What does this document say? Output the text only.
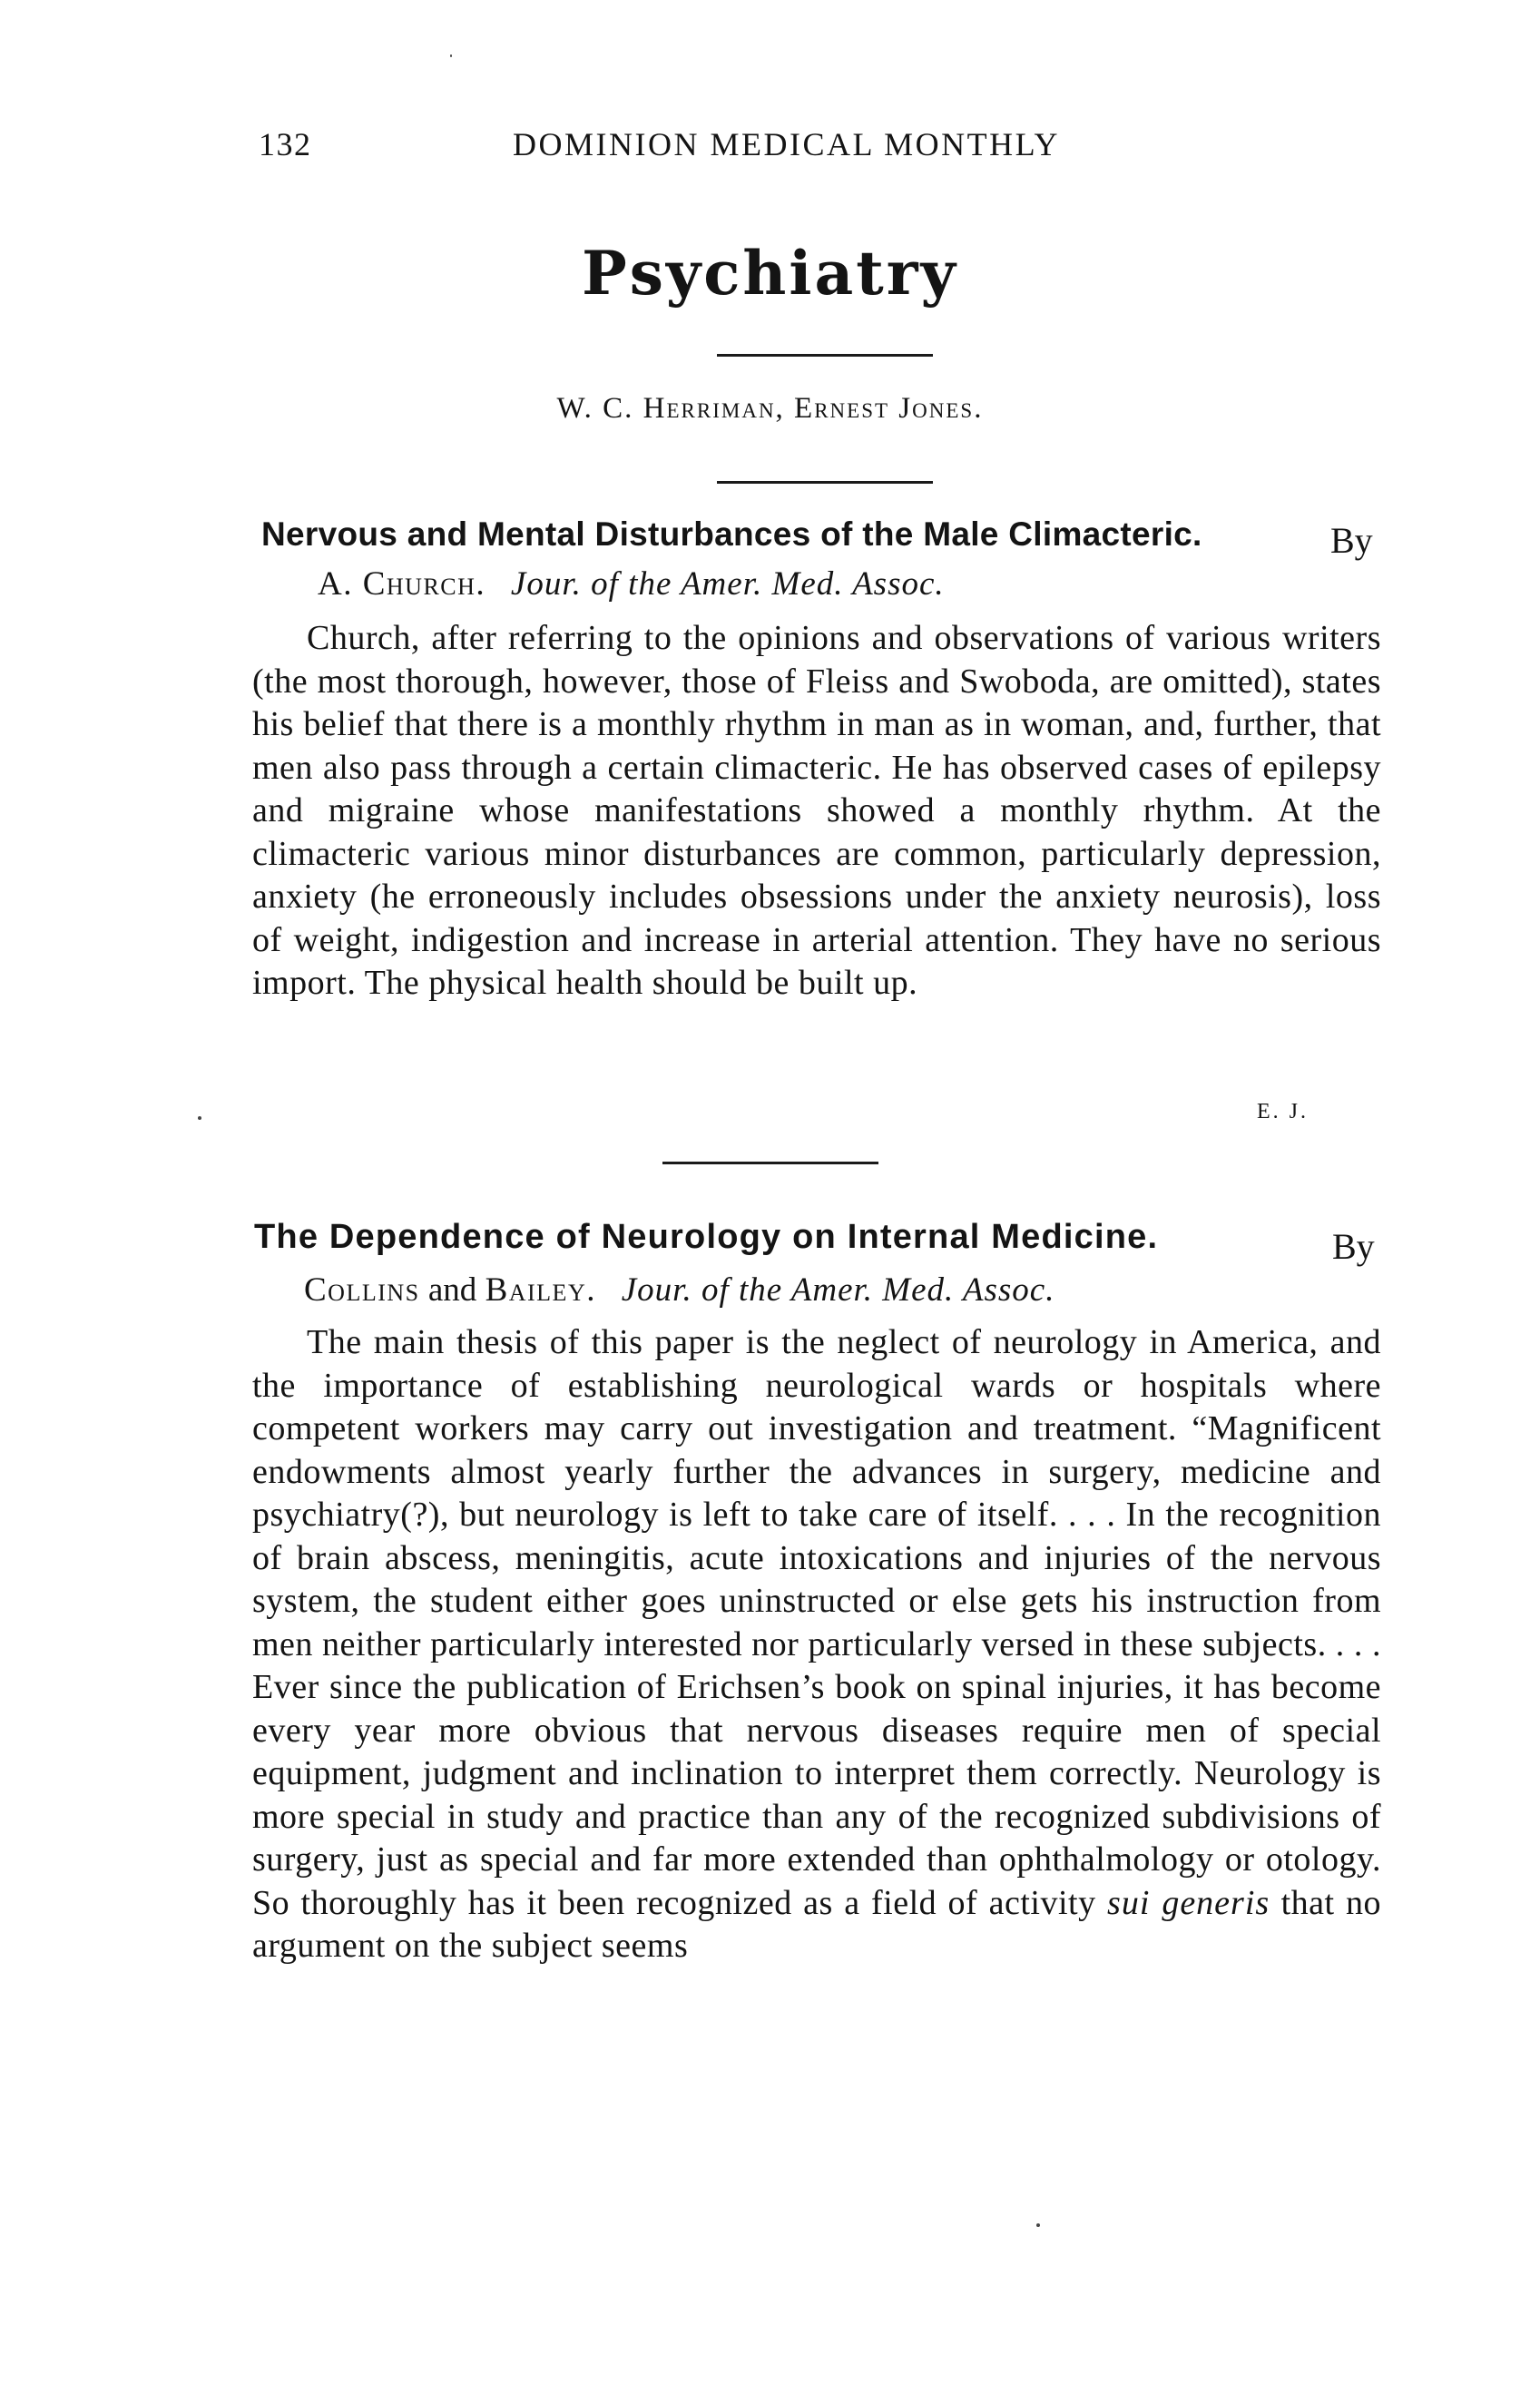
132	DOMINION MEDICAL MONTHLY
Psychiatry
W. C. Herriman, Ernest Jones.
Nervous and Mental Disturbances of the Male Climacteric.	By
A. Church. Jour. of the Amer. Med. Assoc.
Church, after referring to the opinions and observations of various writers (the most thorough, however, those of Fleiss and Swoboda, are omitted), states his belief that there is a monthly rhythm in man as in woman, and, further, that men also pass through a certain climacteric. He has observed cases of epilepsy and migraine whose manifestations showed a monthly rhythm. At the climacteric various minor disturbances are common, particularly depression, anxiety (he erroneously includes obsessions under the anxiety neurosis), loss of weight, indigestion and increase in arterial attention. They have no serious import. The physical health should be built up.
E. J.
The Dependence of Neurology on Internal Medicine.	By
Collins and Bailey. Jour. of the Amer. Med. Assoc.
The main thesis of this paper is the neglect of neurology in America, and the importance of establishing neurological wards or hospitals where competent workers may carry out investigation and treatment. “Magnificent endowments almost yearly further the advances in surgery, medicine and psychiatry(?), but neurology is left to take care of itself. . . . In the recognition of brain abscess, meningitis, acute intoxications and injuries of the nervous system, the student either goes uninstructed or else gets his instruction from men neither particularly interested nor particularly versed in these subjects. . . . Ever since the publication of Erichsen’s book on spinal injuries, it has become every year more obvious that nervous diseases require men of special equipment, judgment and inclination to interpret them correctly. Neurology is more special in study and practice than any of the recognized subdivisions of surgery, just as special and far more extended than ophthalmology or otology. So thoroughly has it been recognized as a field of activity sui generis that no argument on the subject seems
